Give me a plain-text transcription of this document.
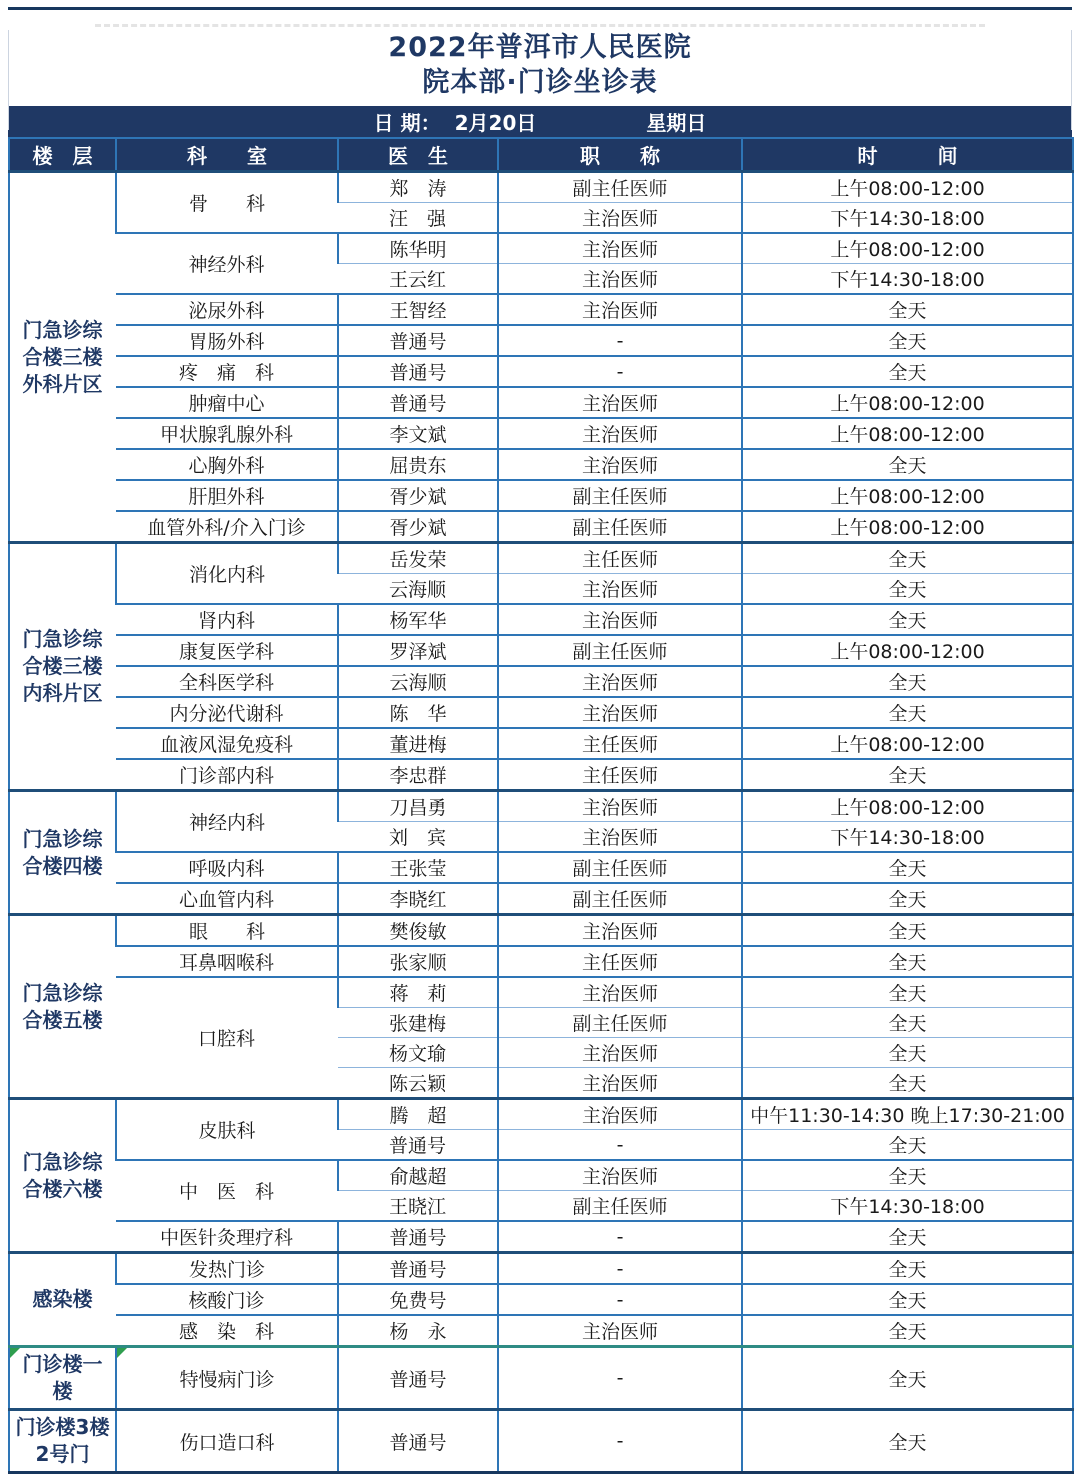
2022年普洱市人民医院
院本部·门诊坐诊表
日 期： 2月20日	星期日
楼　层	科　　室	医　生	职　　称	时　　　间
门急诊综
合楼三楼
外科片区	骨　　科	郑　涛	副主任医师	上午08:00-12:00
		汪　强	主治医师	下午14:30-18:00
	神经外科	陈华明	主治医师	上午08:00-12:00
		王云红	主治医师	下午14:30-18:00
	泌尿外科	王智经	主治医师	全天
	胃肠外科	普通号	-	全天
	疼　痛　科	普通号	-	全天
	肿瘤中心	普通号	主治医师	上午08:00-12:00
	甲状腺乳腺外科	李文斌	主治医师	上午08:00-12:00
	心胸外科	屈贵东	主治医师	全天
	肝胆外科	胥少斌	副主任医师	上午08:00-12:00
	血管外科/介入门诊	胥少斌	副主任医师	上午08:00-12:00
门急诊综
合楼三楼
内科片区	消化内科	岳发荣	主任医师	全天
		云海顺	主治医师	全天
	肾内科	杨军华	主治医师	全天
	康复医学科	罗泽斌	副主任医师	上午08:00-12:00
	全科医学科	云海顺	主治医师	全天
	内分泌代谢科	陈　华	主治医师	全天
	血液风湿免疫科	董进梅	主任医师	上午08:00-12:00
	门诊部内科	李忠群	主任医师	全天
门急诊综
合楼四楼	神经内科	刀昌勇	主治医师	上午08:00-12:00
		刘　宾	主治医师	下午14:30-18:00
	呼吸内科	王张莹	副主任医师	全天
	心血管内科	李晓红	副主任医师	全天
门急诊综
合楼五楼	眼　　科	樊俊敏	主治医师	全天
	耳鼻咽喉科	张家顺	主任医师	全天
	口腔科	蒋　莉	主治医师	全天
		张建梅	副主任医师	全天
		杨文瑜	主治医师	全天
		陈云颖	主治医师	全天
门急诊综
合楼六楼	皮肤科	腾　超	主治医师	中午11:30-14:30 晚上17:30-21:00
		普通号	-	全天
	中　医　科	俞越超	主治医师	全天
		王晓江	副主任医师	下午14:30-18:00
	中医针灸理疗科	普通号	-	全天
感染楼	发热门诊	普通号	-	全天
	核酸门诊	免费号	-	全天
	感　染　科	杨　永	主治医师	全天
门诊楼一
楼	特慢病门诊	普通号	-	全天
门诊楼3楼
2号门	伤口造口科	普通号	-	全天
